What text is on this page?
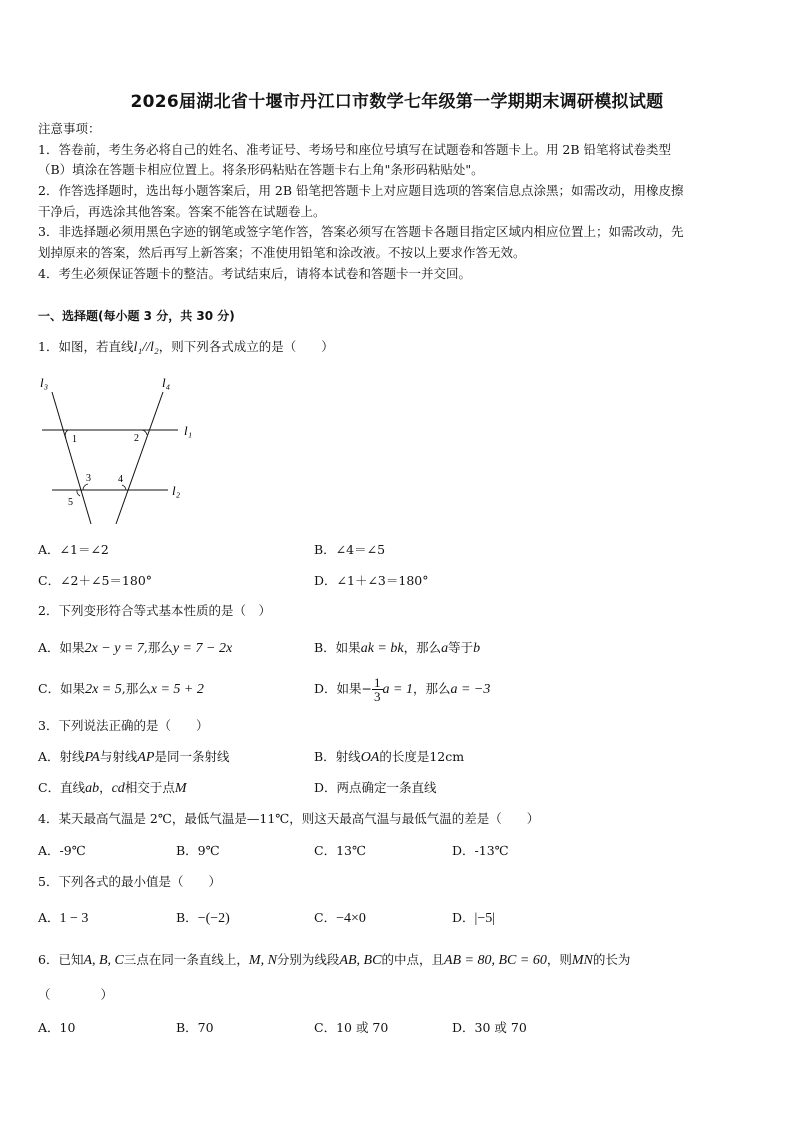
2026届湖北省十堰市丹江口市数学七年级第一学期期末调研模拟试题
注意事项：
1．答卷前，考生务必将自己的姓名、准考证号、考场号和座位号填写在试题卷和答题卡上。用 2B 铅笔将试卷类型
（B）填涂在答题卡相应位置上。将条形码粘贴在答题卡右上角"条形码粘贴处"。
2．作答选择题时，选出每小题答案后，用 2B 铅笔把答题卡上对应题目选项的答案信息点涂黑；如需改动，用橡皮擦
干净后，再选涂其他答案。答案不能答在试题卷上。
3．非选择题必须用黑色字迹的钢笔或签字笔作答，答案必须写在答题卡各题目指定区域内相应位置上；如需改动，先
划掉原来的答案，然后再写上新答案；不准使用铅笔和涂改液。不按以上要求作答无效。
4．考生必须保证答题卡的整洁。考试结束后，请将本试卷和答题卡一并交回。
一、选择题(每小题 3 分，共 30 分)
1．如图，若直线l₁//l₂，则下列各式成立的是（　　）
l₃	l₄
l₁
l₂
1	2
3	4
5
A．∠1＝∠2	B．∠4＝∠5
C．∠2＋∠5＝180°	D．∠1＋∠3＝180°
2．下列变形符合等式基本性质的是（　）
A．如果2x − y = 7,那么y = 7 − 2x	B．如果ak = bk，那么a等于b
C．如果2x = 5,那么x = 5 + 2	D．如果− $\frac{1}{3}$ a = 1，那么a = −3
3．下列说法正确的是（　　）
A．射线PA与射线AP是同一条射线	B．射线OA的长度是12cm
C．直线ab，cd相交于点M	D．两点确定一条直线
4．某天最高气温是 2℃，最低气温是—11℃，则这天最高气温与最低气温的差是（　　）
A．-9℃	B．9℃	C．13℃	D．-13℃
5．下列各式的最小值是（　　）
A．1 − 3	B．−(−2)	C．−4×0	D．|−5|
6．已知A, B, C三点在同一条直线上，M, N分别为线段AB, BC的中点，且AB = 80, BC = 60，则MN的长为
（　　　　）
A．10	B．70	C．10 或 70	D．30 或 70
